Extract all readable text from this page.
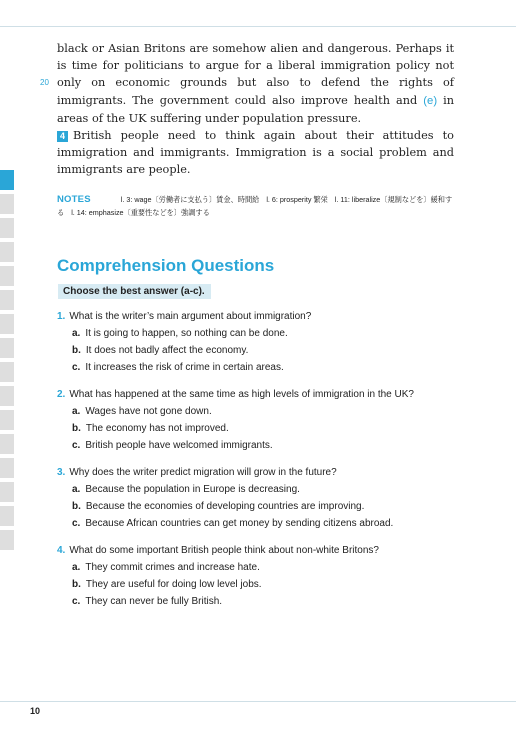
20

black or Asian Britons are somehow alien and dangerous. Perhaps it is time for politicians to argue for a liberal immigration policy not only on economic grounds but also to defend the rights of immigrants. The government could also improve health and (e) in areas of the UK suffering under population pressure.

4 British people need to think again about their attitudes to immigration and immigrants. Immigration is a social problem and immigrants are people.

NOTES	l. 3: wage〔労働者に支払う〕賃金、時間給 l. 6: prosperity 繁栄 l. 11: liberalize〔規制などを〕緩和する l. 14: emphasize〔重要性などを〕強調する
Comprehension Questions
Choose the best answer (a-c).
1. What is the writer’s main argument about immigration?
a. It is going to happen, so nothing can be done.
b. It does not badly affect the economy.
c. It increases the risk of crime in certain areas.
2. What has happened at the same time as high levels of immigration in the UK?
a. Wages have not gone down.
b. The economy has not improved.
c. British people have welcomed immigrants.
3. Why does the writer predict migration will grow in the future?
a. Because the population in Europe is decreasing.
b. Because the economies of developing countries are improving.
c. Because African countries can get money by sending citizens abroad.
4. What do some important British people think about non-white Britons?
a. They commit crimes and increase hate.
b. They are useful for doing low level jobs.
c. They can never be fully British.
10
